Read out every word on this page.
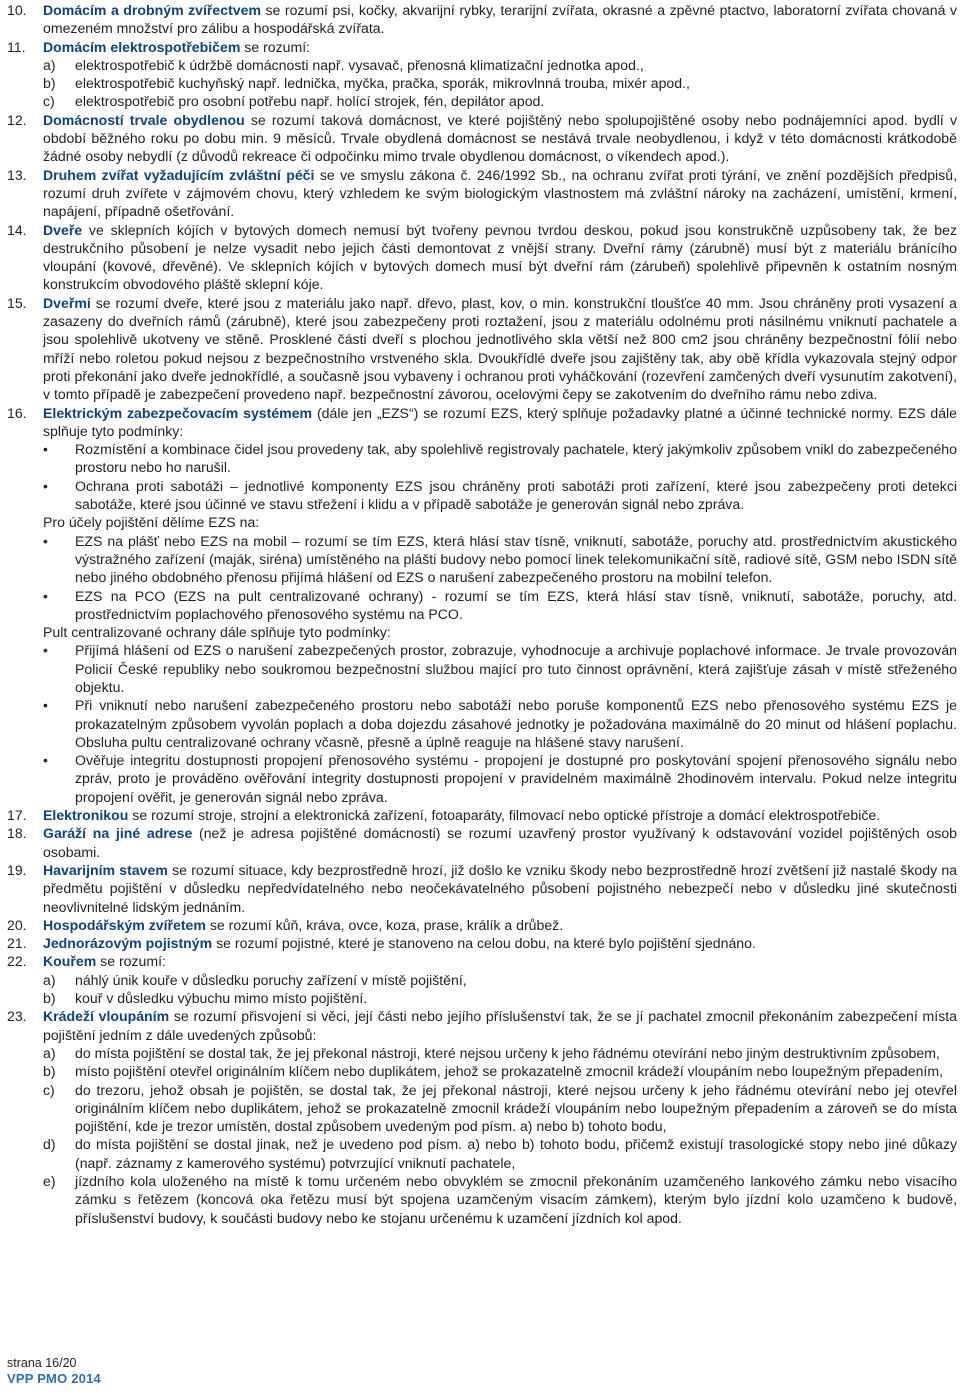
10.	Domácím a drobným zvířectvem se rozumí psi, kočky, akvarijní rybky, terarijní zvířata, okrasné a zpěvné ptactvo, laboratorní zvířata chovaná v omezeném množství pro zálibu a hospodářská zvířata.

11.	Domácím elektrospotřebičem se rozumí:

a)	elektrospotřebič k údržbě domácnosti např. vysavač, přenosná klimatizační jednotka apod.,
b)	elektrospotřebič kuchyňský např. lednička, myčka, pračka, sporák, mikrovlnná trouba, mixér apod.,
c)	elektrospotřebič pro osobní potřebu např. holící strojek, fén, depilátor apod.
12.	Domácností trvale obydlenou se rozumí taková domácnost, ve které pojištěný nebo spolupojištěné osoby nebo podnájemníci apod. bydlí v období běžného roku po dobu min. 9 měsíců. Trvale obydlená domácnost se nestává trvale neobydlenou, i když v této domácnosti krátkodobě žádné osoby nebydlí (z důvodů rekreace či odpočinku mimo trvale obydlenou domácnost, o víkendech apod.).

13.	Druhem zvířat vyžadujícím zvláštní péči se ve smyslu zákona č. 246/1992 Sb., na ochranu zvířat proti týrání, ve znění pozdějších předpisů, rozumí druh zvířete v zájmovém chovu, který vzhledem ke svým biologickým vlastnostem má zvláštní nároky na zacházení, umístění, krmení, napájení, případně ošetřování.

14.	Dveře ve sklepních kójích v bytových domech nemusí být tvořeny pevnou tvrdou deskou, pokud jsou konstrukčně uzpůsobeny tak, že bez destrukčního působení je nelze vysadit nebo jejich části demontovat z vnější strany. Dveřní rámy (zárubně) musí být z materiálu bránícího vloupání (kovové, dřevěné). Ve sklepních kójích v bytových domech musí být dveřní rám (zárubeň) spolehlivě připevněn k ostatním nosným konstrukcím obvodového pláště sklepní kóje.

15.	Dveřmi se rozumí dveře, které jsou z materiálu jako např. dřevo, plast, kov, o min. konstrukční tloušťce 40 mm. Jsou chráněny proti vysazení a zasazeny do dveřních rámů (zárubně), které jsou zabezpečeny proti roztažení, jsou z materiálu odolnému proti násilnému vniknutí pachatele a jsou spolehlivě ukotveny ve stěně. Prosklené části dveří s plochou jednotlivého skla větší než 800 cm2 jsou chráněny bezpečnostní fólií nebo mříží nebo roletou pokud nejsou z bezpečnostního vrstveného skla. Dvoukřídlé dveře jsou zajištěny tak, aby obě křídla vykazovala stejný odpor proti překonání jako dveře jednokřídlé, a současně jsou vybaveny i ochranou proti vyháčkování (rozevření zamčených dveří vysunutím zakotvení), v tomto případě je zabezpečení provedeno např. bezpečnostní závorou, ocelovými čepy se zakotvením do dveřního rámu nebo zdiva.

16.	Elektrickým zabezpečovacím systémem (dále jen „EZS“) se rozumí EZS, který splňuje požadavky platné a účinné technické normy. EZS dále splňuje tyto podmínky:

•	Rozmístění a kombinace čidel jsou provedeny tak, aby spolehlivě registrovaly pachatele, který jakýmkoliv způsobem vnikl do zabezpečeného prostoru nebo ho narušil.
•	Ochrana proti sabotáži – jednotlivé komponenty EZS jsou chráněny proti sabotáži proti zařízení, které jsou zabezpečeny proti detekci sabotáže, které jsou účinné ve stavu střežení i klidu a v případě sabotáže je generován signál nebo zpráva.

Pro účely pojištění dělíme EZS na:

•	EZS na plášť nebo EZS na mobil – rozumí se tím EZS, která hlásí stav tísně, vniknutí, sabotáže, poruchy atd. prostřednictvím akustického výstražného zařízení (maják, siréna) umístěného na plášti budovy nebo pomocí linek telekomunikační sítě, radiové sítě, GSM nebo ISDN sítě nebo jiného obdobného přenosu přijímá hlášení od EZS o narušení zabezpečeného prostoru na mobilní telefon.
•	EZS na PCO (EZS na pult centralizované ochrany) - rozumí se tím EZS, která hlásí stav tísně, vniknutí, sabotáže, poruchy, atd. prostřednictvím poplachového přenosového systému na PCO.

Pult centralizované ochrany dále splňuje tyto podmínky:

•	Přijímá hlášení od EZS o narušení zabezpečených prostor, zobrazuje, vyhodnocuje a archivuje poplachové informace. Je trvale provozován Policií České republiky nebo soukromou bezpečnostní službou mající pro tuto činnost oprávnění, která zajišťuje zásah v místě střeženého objektu.
•	Při vniknutí nebo narušení zabezpečeného prostoru nebo sabotáži nebo poruše komponentů EZS nebo přenosového systému EZS je prokazatelným způsobem vyvolán poplach a doba dojezdu zásahové jednotky je požadována maximálně do 20 minut od hlášení poplachu. Obsluha pultu centralizované ochrany včasně, přesně a úplně reaguje na hlášené stavy narušení.
•	Ověřuje integritu dostupnosti propojení přenosového systému - propojení je dostupné pro poskytování spojení přenosového signálu nebo zpráv, proto je prováděno ověřování integrity dostupnosti propojení v pravidelném maximálně 2hodinovém intervalu. Pokud nelze integritu propojení ověřit, je generován signál nebo zpráva.
17.	Elektronikou se rozumí stroje, strojní a elektronická zařízení, fotoaparáty, filmovací nebo optické přístroje a domácí elektrospotřebiče.

18.	Garáží na jiné adrese (než je adresa pojištěné domácnosti) se rozumí uzavřený prostor využívaný k odstavování vozidel pojištěných osob osobami.

19.	Havarijním stavem se rozumí situace, kdy bezprostředně hrozí, již došlo ke vzniku škody nebo bezprostředně hrozí zvětšení již nastalé škody na předmětu pojištění v důsledku nepředvídatelného nebo neočekávatelného působení pojistného nebezpečí nebo v důsledku jiné skutečnosti neovlivnitelné lidským jednáním.

20.	Hospodářským zvířetem se rozumí kůň, kráva, ovce, koza, prase, králík a drůbež.

21.	Jednorázovým pojistným se rozumí pojistné, které je stanoveno na celou dobu, na které bylo pojištění sjednáno.

22.	Kouřem se rozumí:

a)	náhlý únik kouře v důsledku poruchy zařízení v místě pojištění,
b)	kouř v důsledku výbuchu mimo místo pojištění.
23.	Krádeží vloupáním se rozumí přisvojení si věci, její části nebo jejího příslušenství tak, že se jí pachatel zmocnil překonáním zabezpečení místa pojištění jedním z dále uvedených způsobů:

a)	do místa pojištění se dostal tak, že jej překonal nástroji, které nejsou určeny k jeho řádnému otevírání nebo jiným destruktivním způsobem,
b)	místo pojištění otevřel originálním klíčem nebo duplikátem, jehož se prokazatelně zmocnil krádeží vloupáním nebo loupežným přepadením,
c)	do trezoru, jehož obsah je pojištěn, se dostal tak, že jej překonal nástroji, které nejsou určeny k jeho řádnému otevírání nebo jej otevřel originálním klíčem nebo duplikátem, jehož se prokazatelně zmocnil krádeží vloupáním nebo loupežným přepadením a zároveň se do místa pojištění, kde je trezor umístěn, dostal způsobem uvedeným pod písm. a) nebo b) tohoto bodu,
d)	do místa pojištění se dostal jinak, než je uvedeno pod písm. a) nebo b) tohoto bodu, přičemž existují trasologické stopy nebo jiné důkazy (např. záznamy z kamerového systému) potvrzující vniknutí pachatele,
e)	jízdního kola uloženého na místě k tomu určeném nebo obvyklém se zmocnil překonáním uzamčeného lankového zámku nebo visacího zámku s řetězem (koncová oka řetězu musí být spojena uzamčeným visacím zámkem), kterým bylo jízdní kolo uzamčeno k budově, příslušenství budovy, k součásti budovy nebo ke stojanu určenému k uzamčení jízdních kol apod.
strana 16/20
VPP PMO 2014
